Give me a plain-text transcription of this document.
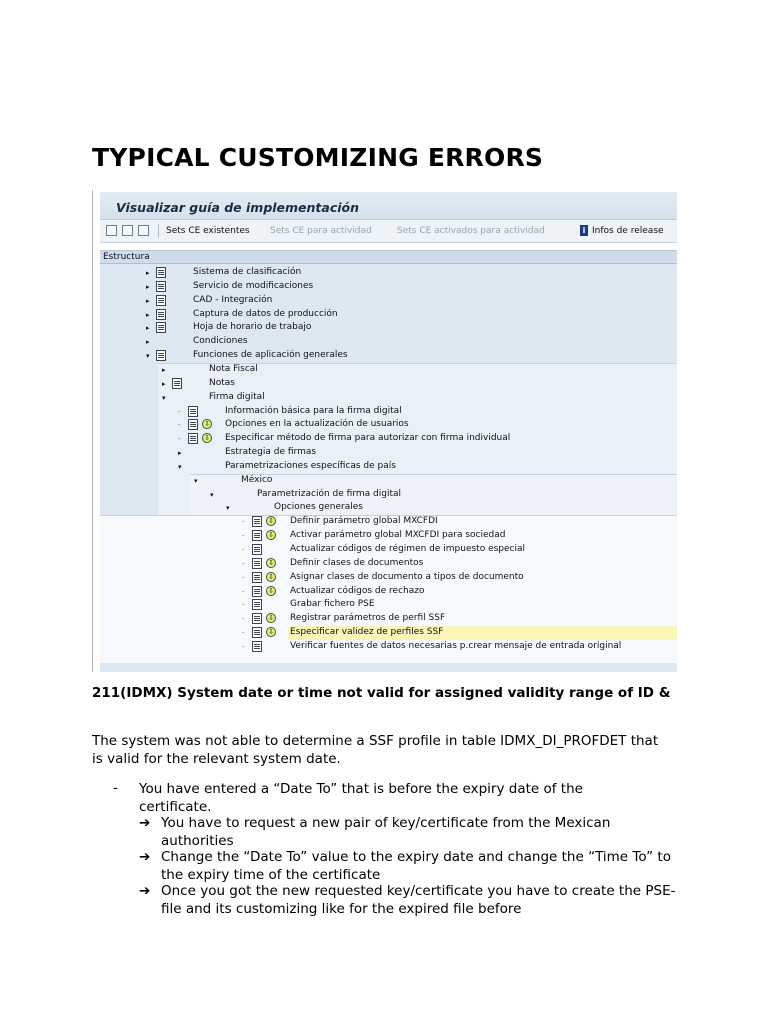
TYPICAL CUSTOMIZING ERRORS
Visualizar guía de implementación
Sets CE existentes Sets CE para actividad	Sets CE activados para actividad	i Infos de release
Estructura
▸	Sistema de clasificación
▸	Servicio de modificaciones
▸	CAD - Integración
▸	Captura de datos de producción
▸	Hoja de horario de trabajo
▸	Condiciones
▾	Funciones de aplicación generales
▸	Nota Fiscal
▸	Notas
▾	Firma digital
·	Información básica para la firma digital
·	⇩ Opciones en la actualización de usuarios
·	⇩ Especificar método de firma para autorizar con firma individual
▸	Estrategia de firmas
▾	Parametrizaciones específicas de país
▾	México
▾	Parametrización de firma digital
▾	Opciones generales
·	⇩ Definir parámetro global MXCFDI
·	⇩ Activar parámetro global MXCFDI para sociedad
·	Actualizar códigos de régimen de impuesto especial
·	⇩ Definir clases de documentos
·	⇩ Asignar clases de documento a tipos de documento
·	⇩ Actualizar códigos de rechazo
·	Grabar fichero PSE
·	⇩ Registrar parámetros de perfil SSF
·	⇩ Especificar validez de perfiles SSF
·	Verificar fuentes de datos necesarias p.crear mensaje de entrada original

211(IDMX) System date or time not valid for assigned validity range of ID &

The system was not able to determine a SSF profile in table IDMX_DI_PROFDET that is valid for the relevant system date.

- You have entered a “Date To” that is before the expiry date of the certificate.

➔ You have to request a new pair of key/certificate from the Mexican authorities
➔ Change the “Date To” value to the expiry date and change the “Time To” to the expiry time of the certificate
➔ Once you got the new requested key/certificate you have to create the PSE-file and its customizing like for the expired file before
